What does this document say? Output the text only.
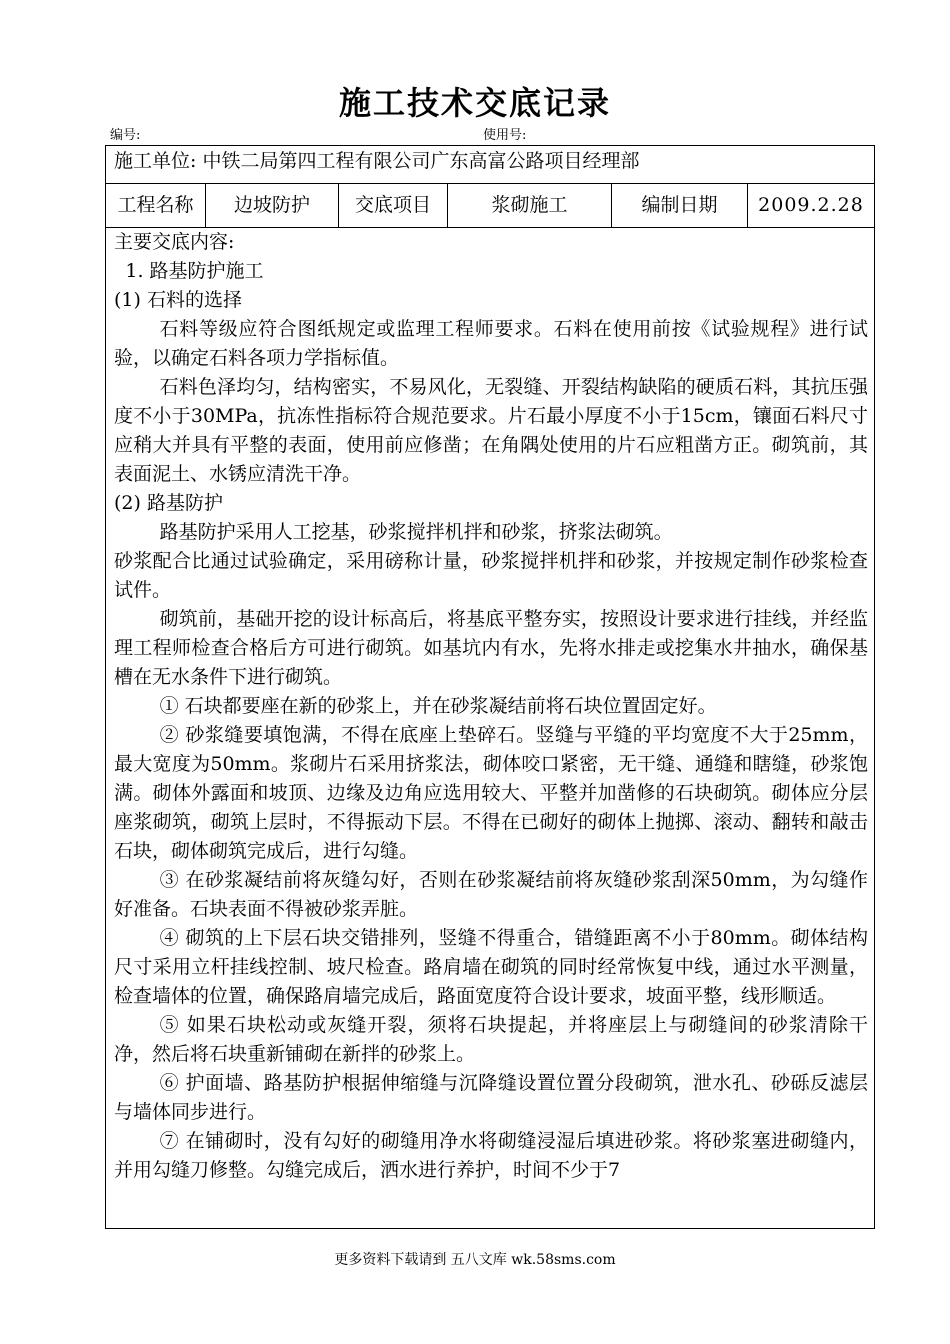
施工技术交底记录
编号:	使用号:
施工单位: 中铁二局第四工程有限公司广东高富公路项目经理部
工程名称	边坡防护	交底项目	浆砌施工	编制日期	2009.2.28

主要交底内容:

1. 路基防护施工

(1) 石料的选择

石料等级应符合图纸规定或监理工程师要求。石料在使用前按《试验规程》进行试验，以确定石料各项力学指标值。

石料色泽均匀，结构密实，不易风化，无裂缝、开裂结构缺陷的硬质石料，其抗压强度不小于30MPa，抗冻性指标符合规范要求。片石最小厚度不小于15cm，镶面石料尺寸应稍大并具有平整的表面，使用前应修凿；在角隅处使用的片石应粗凿方正。砌筑前，其表面泥土、水锈应清洗干净。

(2) 路基防护

路基防护采用人工挖基，砂浆搅拌机拌和砂浆，挤浆法砌筑。

砂浆配合比通过试验确定，采用磅称计量，砂浆搅拌机拌和砂浆，并按规定制作砂浆检查试件。

砌筑前，基础开挖的设计标高后，将基底平整夯实，按照设计要求进行挂线，并经监理工程师检查合格后方可进行砌筑。如基坑内有水，先将水排走或挖集水井抽水，确保基槽在无水条件下进行砌筑。

① 石块都要座在新的砂浆上，并在砂浆凝结前将石块位置固定好。

② 砂浆缝要填饱满，不得在底座上垫碎石。竖缝与平缝的平均宽度不大于25mm，最大宽度为50mm。浆砌片石采用挤浆法，砌体咬口紧密，无干缝、通缝和瞎缝，砂浆饱满。砌体外露面和坡顶、边缘及边角应选用较大、平整并加凿修的石块砌筑。砌体应分层座浆砌筑，砌筑上层时，不得振动下层。不得在已砌好的砌体上抛掷、滚动、翻转和敲击石块，砌体砌筑完成后，进行勾缝。

③ 在砂浆凝结前将灰缝勾好，否则在砂浆凝结前将灰缝砂浆刮深50mm，为勾缝作好准备。石块表面不得被砂浆弄脏。

④ 砌筑的上下层石块交错排列，竖缝不得重合，错缝距离不小于80mm。砌体结构尺寸采用立杆挂线控制、坡尺检查。路肩墙在砌筑的同时经常恢复中线，通过水平测量，检查墙体的位置，确保路肩墙完成后，路面宽度符合设计要求，坡面平整，线形顺适。

⑤ 如果石块松动或灰缝开裂，须将石块提起，并将座层上与砌缝间的砂浆清除干净，然后将石块重新铺砌在新拌的砂浆上。

⑥ 护面墙、路基防护根据伸缩缝与沉降缝设置位置分段砌筑，泄水孔、砂砾反滤层与墙体同步进行。

⑦ 在铺砌时，没有勾好的砌缝用净水将砌缝浸湿后填进砂浆。将砂浆塞进砌缝内，并用勾缝刀修整。勾缝完成后，洒水进行养护，时间不少于7

更多资料下载请到 五八文库 wk.58sms.com
